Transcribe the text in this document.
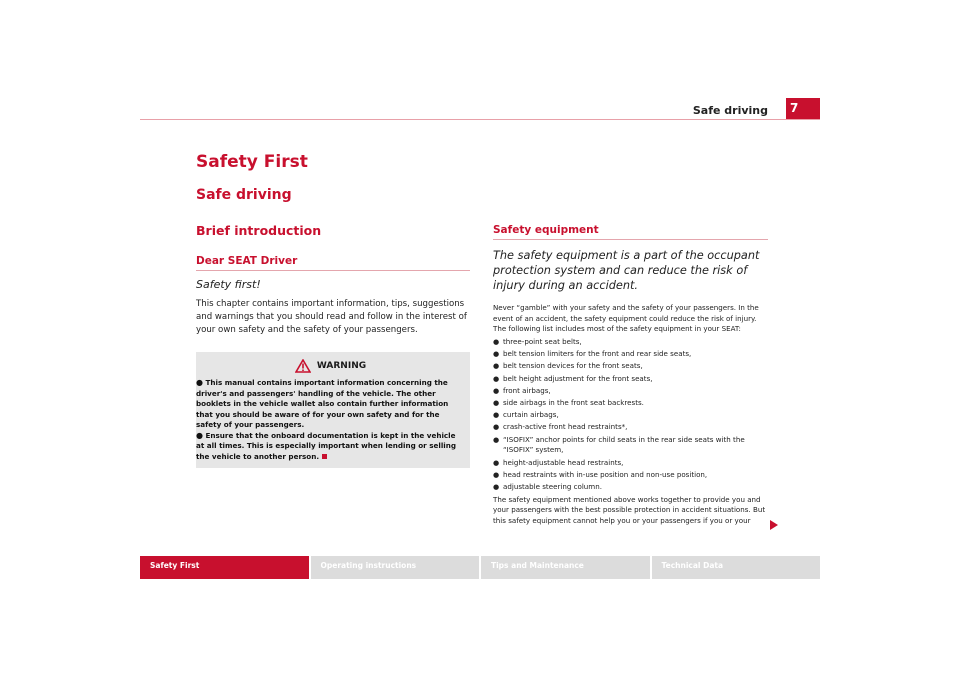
Safe driving	7
Safety First
Safe driving
Brief introduction

Dear SEAT Driver

Safety first!

This chapter contains important information, tips, suggestions and warnings that you should read and follow in the interest of your own safety and the safety of your passengers.

WARNING

● This manual contains important information concerning the driver's and passengers' handling of the vehicle. The other booklets in the vehicle wallet also contain further information that you should be aware of for your own safety and for the safety of your passengers.

● Ensure that the onboard documentation is kept in the vehicle at all times. This is especially important when lending or selling the vehicle to another person.

Safety equipment

The safety equipment is a part of the occupant protection system and can reduce the risk of injury during an accident.

Never “gamble” with your safety and the safety of your passengers. In the event of an accident, the safety equipment could reduce the risk of injury. The following list includes most of the safety equipment in your SEAT:

● three-point seat belts,
● belt tension limiters for the front and rear side seats,
● belt tension devices for the front seats,
● belt height adjustment for the front seats,
● front airbags,
● side airbags in the front seat backrests.
● curtain airbags,
● crash-active front head restraints*,
● “ISOFIX” anchor points for child seats in the rear side seats with the “ISOFIX” system,
● height-adjustable head restraints,
● head restraints with in-use position and non-use position,
● adjustable steering column.

The safety equipment mentioned above works together to provide you and your passengers with the best possible protection in accident situations. But this safety equipment cannot help you or your passengers if you or your

Safety First	Operating instructions	Tips and Maintenance	Technical Data
